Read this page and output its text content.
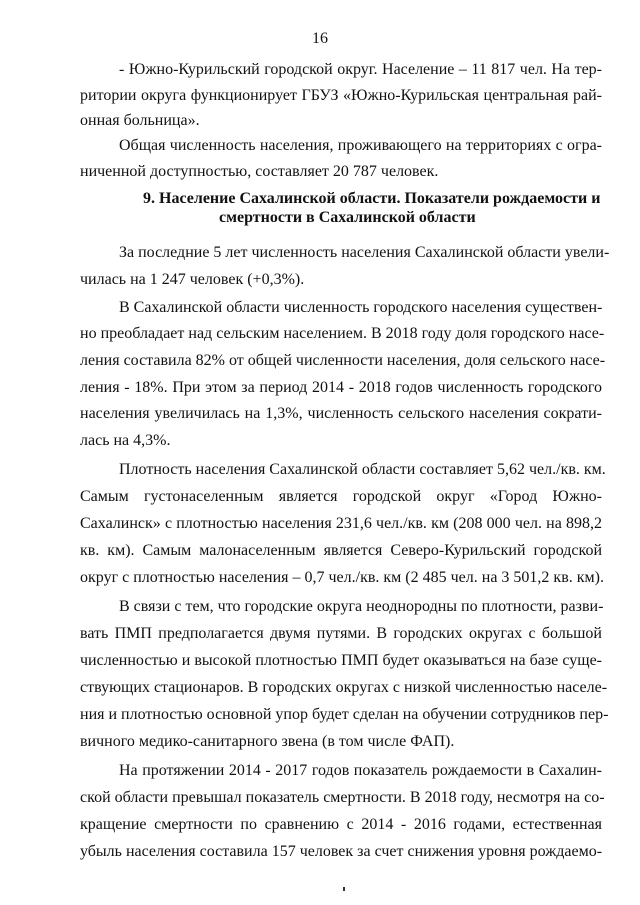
16
- Южно-Курильский городской округ. Население – 11 817 чел. На тер-
ритории округа функционирует ГБУЗ «Южно-Курильская центральная рай-
онная больница».
Общая численность населения, проживающего на территориях с огра-
ниченной доступностью, составляет 20 787 человек.
9. Население Сахалинской области. Показатели рождаемости и
смертности в Сахалинской области
За последние 5 лет численность населения Сахалинской области увели-
чилась на 1 247 человек (+0,3%).
В Сахалинской области численность городского населения существен-
но преобладает над сельским населением. В 2018 году доля городского насе-
ления составила 82% от общей численности населения, доля сельского насе-
ления - 18%. При этом за период 2014 - 2018 годов численность городского
населения увеличилась на 1,3%, численность сельского населения сократи-
лась на 4,3%.
Плотность населения Сахалинской области составляет 5,62 чел./кв. км.
Самым густонаселенным является городской округ «Город Южно-
Сахалинск» с плотностью населения 231,6 чел./кв. км (208 000 чел. на 898,2
кв. км). Самым малонаселенным является Северо-Курильский городской
округ с плотностью населения – 0,7 чел./кв. км (2 485 чел. на 3 501,2 кв. км).
В связи с тем, что городские округа неоднородны по плотности, разви-
вать ПМП предполагается двумя путями. В городских округах с большой
численностью и высокой плотностью ПМП будет оказываться на базе суще-
ствующих стационаров. В городских округах с низкой численностью населе-
ния и плотностью основной упор будет сделан на обучении сотрудников пер-
вичного медико-санитарного звена (в том числе ФАП).
На протяжении 2014 - 2017 годов показатель рождаемости в Сахалин-
ской области превышал показатель смертности. В 2018 году, несмотря на со-
кращение смертности по сравнению с 2014 - 2016 годами, естественная
убыль населения составила 157 человек за счет снижения уровня рождаемо-
